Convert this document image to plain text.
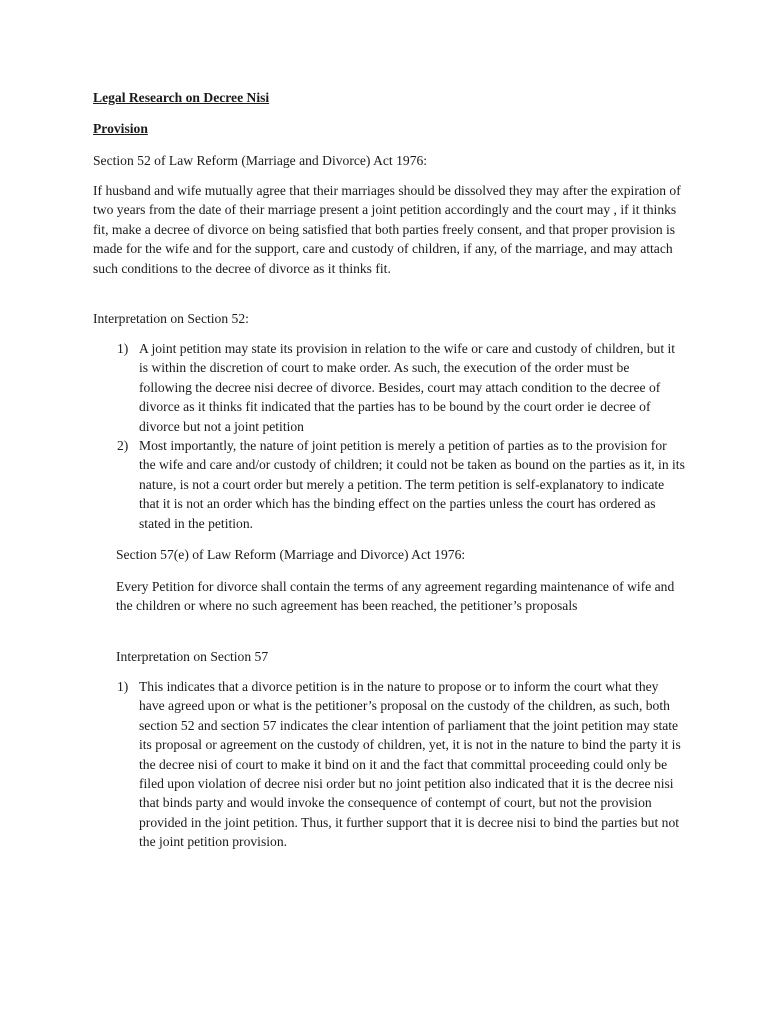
Legal Research on Decree Nisi

Provision

Section 52 of Law Reform (Marriage and Divorce) Act 1976:

If husband and wife mutually agree that their marriages should be dissolved they may after the expiration of two years from the date of their marriage present a joint petition accordingly and the court may , if it thinks fit, make a decree of divorce on being satisfied that both parties freely consent, and that proper provision is made for the wife and for the support, care and custody of children, if any, of the marriage, and may attach such conditions to the decree of divorce as it thinks fit.

Interpretation on Section 52:

1) A joint petition may state its provision in relation to the wife or care and custody of children, but it is within the discretion of court to make order. As such, the execution of the order must be following the decree nisi decree of divorce. Besides, court may attach condition to the decree of divorce as it thinks fit indicated that the parties has to be bound by the court order ie decree of divorce but not a joint petition
2) Most importantly, the nature of joint petition is merely a petition of parties as to the provision for the wife and care and/or custody of children; it could not be taken as bound on the parties as it, in its nature, is not a court order but merely a petition. The term petition is self-explanatory to indicate that it is not an order which has the binding effect on the parties unless the court has ordered as stated in the petition.

Section 57(e) of Law Reform (Marriage and Divorce) Act 1976:

Every Petition for divorce shall contain the terms of any agreement regarding maintenance of wife and the children or where no such agreement has been reached, the petitioner’s proposals

Interpretation on Section 57

1) This indicates that a divorce petition is in the nature to propose or to inform the court what they have agreed upon or what is the petitioner’s proposal on the custody of the children, as such, both section 52 and section 57 indicates the clear intention of parliament that the joint petition may state its proposal or agreement on the custody of children, yet, it is not in the nature to bind the party it is the decree nisi of court to make it bind on it and the fact that committal proceeding could only be filed upon violation of decree nisi order but no joint petition also indicated that it is the decree nisi that binds party and would invoke the consequence of contempt of court, but not the provision provided in the joint petition. Thus, it further support that it is decree nisi to bind the parties but not the joint petition provision.
